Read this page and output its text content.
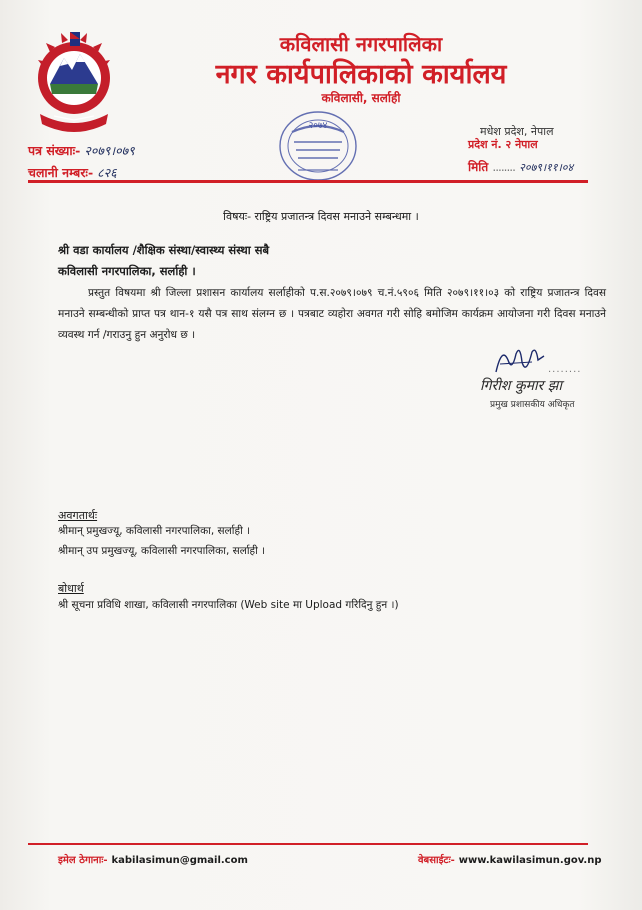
कविलासी नगरपालिका
नगर कार्यपालिकाको कार्यालय
कविलासी, सर्लाही
२०७४
पत्र संख्याः- २०७९।०७९
चलानी नम्बरः- ८२६
मधेश प्रदेश, नेपाल
प्रदेश नं. २ नेपाल
मिति ........ २०७९।११।०४
विषयः- राष्ट्रिय प्रजातन्त्र दिवस मनाउने सम्बन्धमा ।
श्री वडा कार्यालय /शैक्षिक संस्था/स्वास्थ्य संस्था सबै
कविलासी नगरपालिका, सर्लाही ।
प्रस्तुत विषयमा श्री जिल्ला प्रशासन कार्यालय सर्लाहीको प.स.२०७९।०७९ च.नं.५९०६ मिति २०७९।११।०३ को राष्ट्रिय प्रजातन्त्र दिवस मनाउने सम्बन्धीको प्राप्त पत्र थान-१ यसै पत्र साथ संलग्न छ । पत्रबाट व्यहोरा अवगत गरी सोहि बमोजिम कार्यक्रम आयोजना गरी दिवस मनाउने व्यवस्थ गर्न /गराउनु हुन अनुरोध छ ।
........
गिरीश कुमार झा
प्रमुख प्रशासकीय अधिकृत
अवगतार्थः
श्रीमान् प्रमुखज्यू, कविलासी नगरपालिका, सर्लाही ।
श्रीमान् उप प्रमुखज्यू, कविलासी नगरपालिका, सर्लाही ।
बोधार्थ
श्री सूचना प्रविधि शाखा, कविलासी नगरपालिका (Web site मा Upload गरिदिनु हुन ।)
इमेल ठेगानाः- kabilasimun@gmail.com	वेबसाईटः- www.kawilasimun.gov.np
